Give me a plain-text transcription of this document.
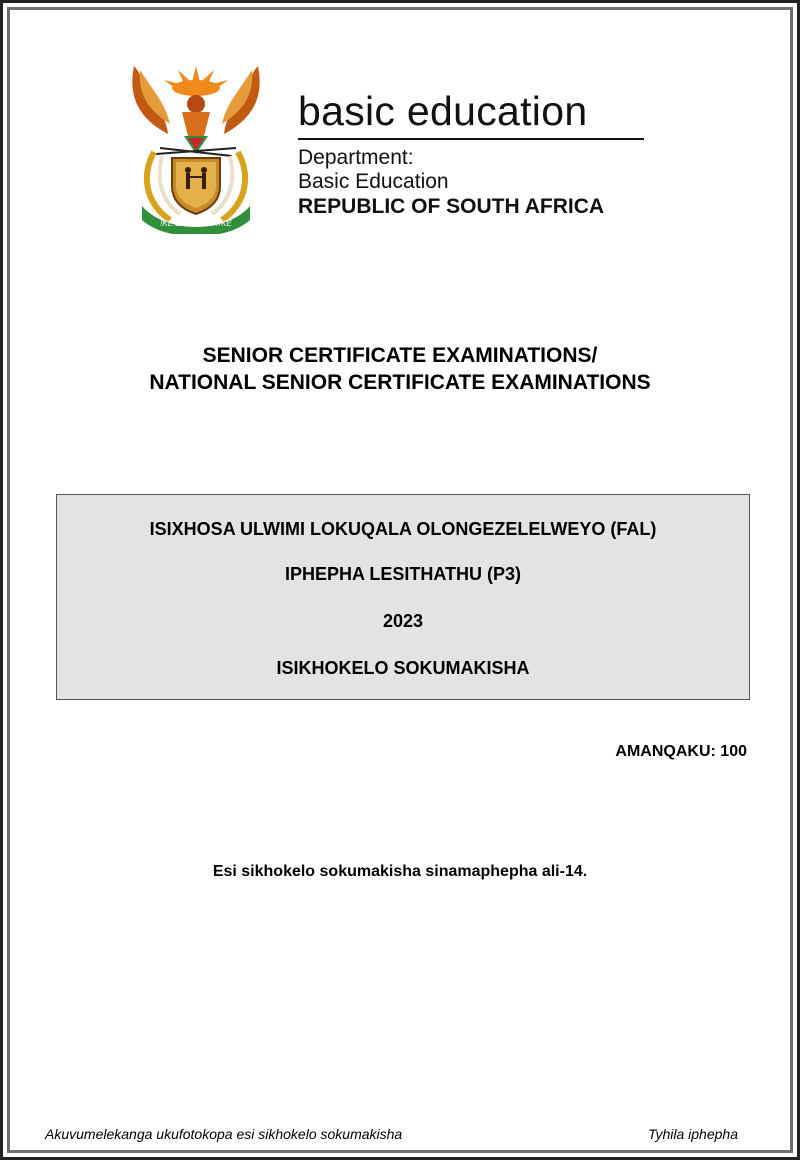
!KE E: /XARRA //KE
basic education
Department:
Basic Education
REPUBLIC OF SOUTH AFRICA
SENIOR CERTIFICATE EXAMINATIONS/
NATIONAL SENIOR CERTIFICATE EXAMINATIONS
ISIXHOSA ULWIMI LOKUQALA OLONGEZELELWEYO (FAL)
IPHEPHA LESITHATHU (P3)
2023
ISIKHOKELO SOKUMAKISHA
AMANQAKU: 100
Esi sikhokelo sokumakisha sinamaphepha ali-14.
Akuvumelekanga ukufotokopa esi sikhokelo sokumakisha	Tyhila iphepha
